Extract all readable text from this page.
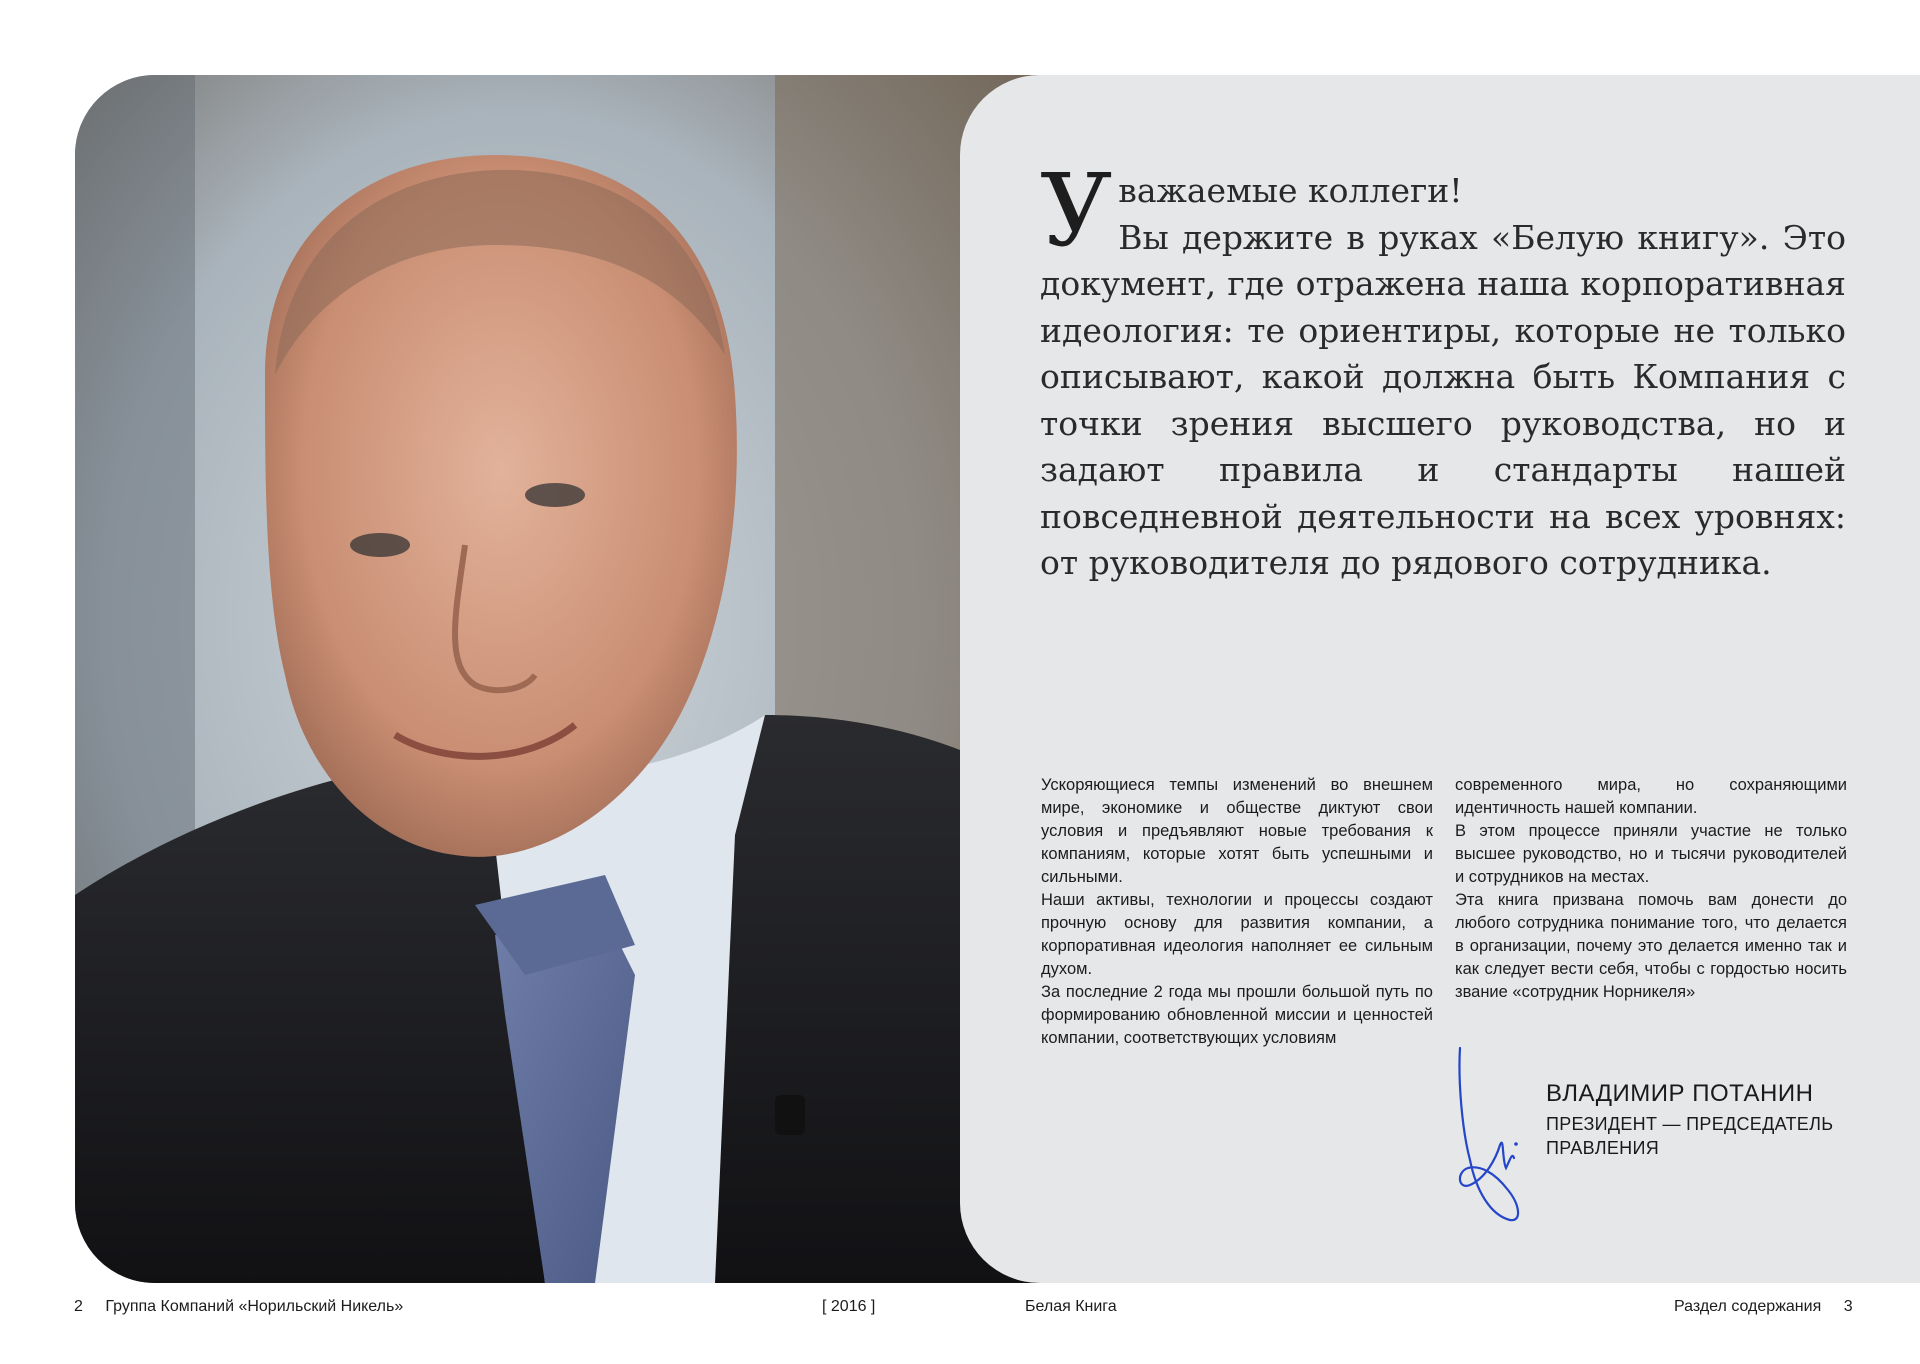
У важаемые коллеги!

Вы держите в руках «Белую книгу». Это документ, где отражена наша корпоративная идеология: те ориентиры, которые не только описывают, какой должна быть Компания с точки зрения высшего руководства, но и задают правила и стандарты нашей повседневной деятельности на всех уровнях: от руководителя до рядового сотрудника.

Ускоряющиеся темпы изменений во внешнем мире, экономике и обществе диктуют свои условия и предъявляют новые требования к компаниям, которые хотят быть успешными и сильными.

Наши активы, технологии и процессы создают прочную основу для развития компании, а корпоративная идеология наполняет ее сильным духом.

За последние 2 года мы прошли большой путь по формированию обновленной миссии и ценностей компании, соответствующих условиям

современного мира, но сохраняющими идентичность нашей компании.

В этом процессе приняли участие не только высшее руководство, но и тысячи руководителей и сотрудников на местах.

Эта книга призвана помочь вам донести до любого сотрудника понимание того, что делается в организации, почему это делается именно так и как следует вести себя, чтобы с гордостью носить звание «сотрудник Норникеля»

ВЛАДИМИР ПОТАНИН
ПРЕЗИДЕНТ — ПРЕДСЕДАТЕЛЬ
ПРАВЛЕНИЯ
2 Группа Компаний «Норильский Никель»	[ 2016 ]	Белая Книга	Раздел содержания 3
